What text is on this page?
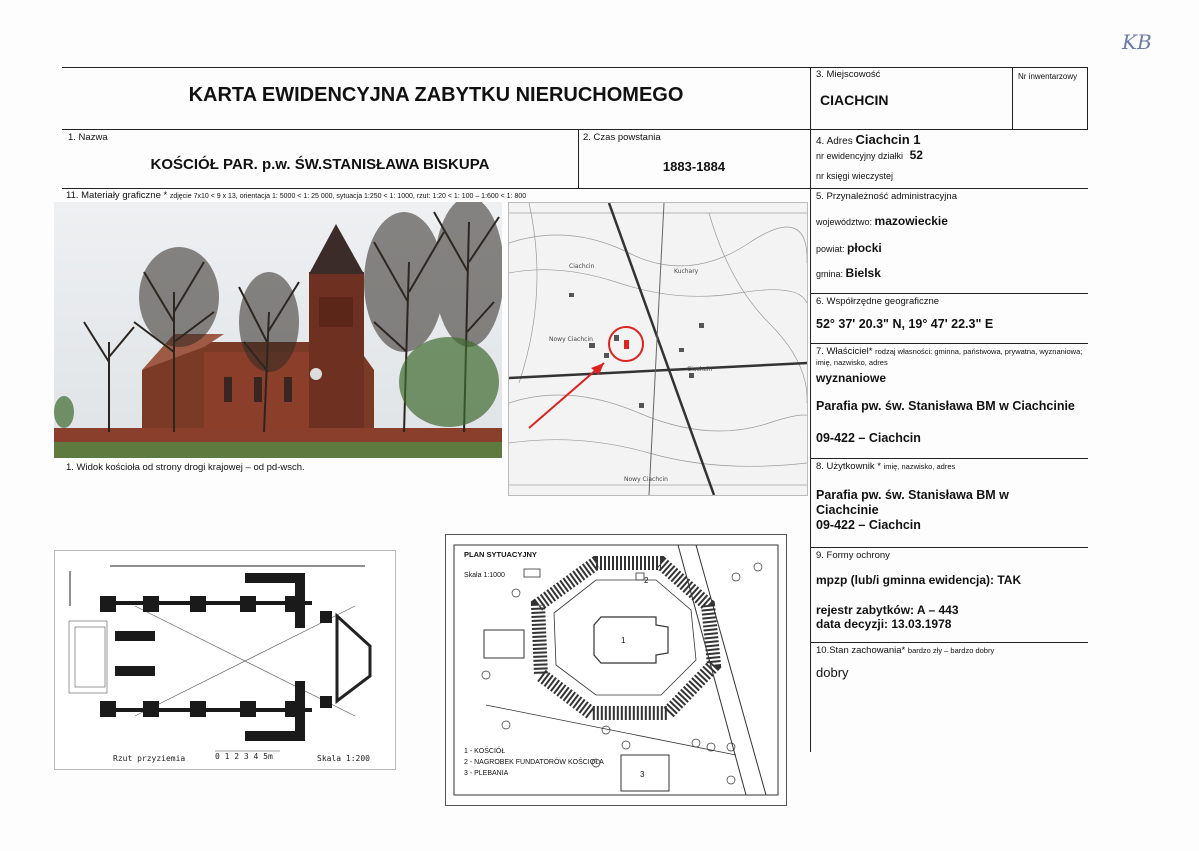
KB
KARTA EWIDENCYJNA ZABYTKU NIERUCHOMEGO
3. Miejscowość
CIACHCIN
Nr inwentarzowy
1. Nazwa
KOŚCIÓŁ PAR. p.w. ŚW.STANISŁAWA BISKUPA
2. Czas powstania
1883-1884
4. Adres Ciachcin 1
nr ewidencyjny działki 52
nr księgi wieczystej
5. Przynależność administracyjna
województwo: mazowieckie
powiat: płocki
gmina: Bielsk
6. Współrzędne geograficzne
52° 37' 20.3" N, 19° 47' 22.3" E
7. Właściciel* rodzaj własności: gminna, państwowa, prywatna, wyznaniowa; imię, nazwisko, adres
wyznaniowe
Parafia pw. św. Stanisława BM w Ciachcinie
09-422 – Ciachcin
8. Użytkownik * imię, nazwisko, adres
Parafia pw. św. Stanisława BM w Ciachcinie
09-422 – Ciachcin
9. Formy ochrony
mpzp (lub/i gminna ewidencja): TAK
rejestr zabytków: A – 443
data decyzji: 13.03.1978
10.Stan zachowania* bardzo zły – bardzo dobry
dobry
11. Materiały graficzne * zdjęcie 7x10 < 9 x 13, orientacja 1: 5000 < 1: 25 000, sytuacja 1:250 < 1: 1000, rzut: 1:20 < 1: 100 – 1:600 < 1: 800
1. Widok kościoła od strony drogi krajowej – od pd-wsch.
Ciachcin
Nowy Ciachcin
Ciachcin
Kuchary
Nowy Ciachcin
Rzut przyziemia	0 1 2 3 4 5m	Skala 1:200
PLAN SYTUACYJNY
Skala 1:1000
1
2
3
1 - KOŚCIÓŁ
2 - NAGROBEK FUNDATORÓW KOŚCIOŁA
3 - PLEBANIA
